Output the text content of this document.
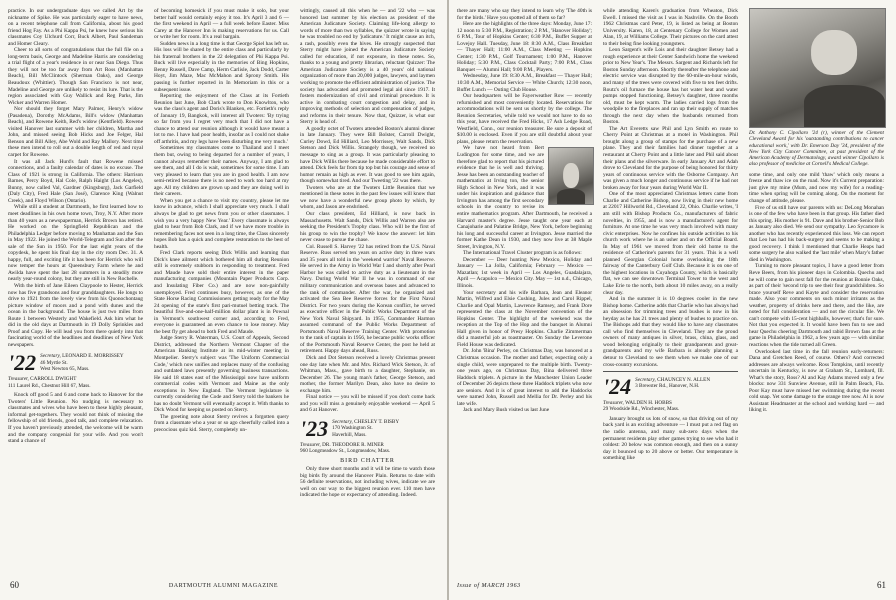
practice. In our undergraduate days we called Art by the nickname of Spike. He was particularly eager to have news, on a recent telephone call from California, about his good friend Hog Fay. As a Phi Kappa Psi, he knew how serious his classmates Coy Ulchurd Corr, Buck Albert, Paul Sandeman and Homer Cleary.

Cheer to all sorts of congratulations that the full file on a long-term basis, George and Madeline Harris are considering a trial flight of a year's residence in or near San Diego. Thus they will not be too far away from Art Ross (Manhattan Beach), Bill McClintock (Sherman Oaks), and George Beaudoux (Whittier). Though San Francisco is not near, Madeline and George are unlikely to resist its lure. That is the region associated with Guy Wallick and Reg Parks, Jim Wicker and Warren Homer.

Nor should they forget Mary Palmer, Henry's widow (Pasadena), Dorothy McAdams, Bill's widow (Manhattan Beach), and Rowene Keith, Red's widow (Kentfield). Rowene visited Hanover last summer with her children, Martha and John, and missed seeing Bob Hicks and Joe Felger, Hal Benson and Bill Alley, Abe Wold and Ray Mallory. Next time these men intend to roll out a double length of red and royal carpet for Rowene.

It was all Jack Hurd's fault that Rowene missed connections, and a faulty calendar of dates is no excuse. The Class of 1921 is strong in California. The others: Harrison Barnes, Percy Boyd, Hal Cole, Ralph Haight (Los Angeles), Bunny, now called Val, Gardner (Kingsburg), Jack Garfield (Daly City), Fred Hale (San José), Clarence King (Walnut Creek), and Floyd Wilson (Ontario).

While still a student at Dartmouth, he first learned how to meet deadlines in his own home town, Troy, N.Y. After more than 40 years as a newspaperman, Herrick Brown has retired. He worked on the Springfield Republican and the Philadelphia Ledger before moving to Manhattan and the Sun in May 1922. He joined the World-Telegram and Sun after the sale of the Sun in 1950. For the last eight years of the copydesk, he spent his final day in the city room Dec. 31. A happy, full, and exciting life it has been for Herrick who will now temper the hours at Queensbury Farm where he and Awilda have spent the last 28 summers in a steadily more nearly year-round colony, but they are still in New Rochelle.

With the birth of Jane Eileen Claypoole to Hester, Herrick now has five grandsons and four granddaughters. He longs to drive to 1921 from the lovely view from his Quonochontaug picture window of moors and a pond with dunes and the ocean in the background. The house is just two miles from Route 1 between Westerly and Wakefield. Ask him what he did in the old days at Dartmouth in 19 Dolly Sprinkles and Proof and Copy. He will lead you from there quietly into that fascinating world of the headlines and deadlines of New York newspapers.

'22 Secretary, LEONARD E. MORRISSEY
46 Myrtle St.
West Newton 65, Mass.
Treasurer, CARROLL DWIGHT
111 Laurel Rd., Chestnut Hill 67, Mass.

Knock off good 5 and 6 and come back to Hanover for the Twoters' Little Reunion. No nudging is necessary to classmates and wives who have been to these highly pleasant, informal get-togethers. They would not think of missing the fellowship of old friends, good talk, and complete relaxation. If you haven't previously attended, the welcome will be warm and the company congenial for your wife. And you won't stand a chance of

of becoming homesick if you must make it solo, but your better half would certainly enjoy it too. It's April 3 and 6 — the first weekend in April — a full week before Easter. Miss Carey at the Hanover Inn is making reservations for us. Call or write her for room. It's a real bargain.

Sudden news in a long time is that George Spiel has left us. His loss will be shared by the entire class and particularly by his fraternal brothers in the 22 delegation of Phi Kappa Psi. Buck will live especially in the memories of Bing Hopkins, Benny Russell, Dave Camp, Herm Carlisle, Jack Dodd, Carter Hoyt, Jim Maze, Mac McMahon and Sprony Smith. His passing is further reported in In Memoriam in this or a subsequent issue.

Reporting the enjoyment of the Class at its Fortieth Reunion last June, Bob Clark wrote to Don Knowlton, who was the class's agent and Doris's Blanken, etc. Fortieth's reply of January 19, Bangkok, will interest all Twoters: 'By trying so far from you I regret very much that I did not have a chance to attend our reunion although it would have meant a lot to me. I have had poor health, insofar as I could not shake off arthritis, and my legs have been disturbing me very much.'

Sometimes my classmates come to Thailand and I meet them but, owing to being departed for a number of years, I cannot always remember their names. Anyway, I am glad to see them, and all I do is wait, sometimes for some time. I am very pleased to learn that you are in good health. I am now semi-retired because there is no need to work too hard at my age. All my children are grown up and they are doing well in their careers.

When you get a chance to visit my country, please let me know in advance, which I shall appreciate very much. I shall always be glad to get news from you or other classmates. I wish you a very happy New Year.' Every classmate is always glad to hear from Bob Clark, and if we have more trouble in remembering faces not seen in a long time, the Class sincerely hopes Bob has a quick and complete restoration to the best of health.

Fred Clark reports seeing Dick Willis and learning that Dick's knee ailment which bothered him all during Reunion still is extremely stubborn in responding to treatment. Fred and Maude have sold their entire interest in the paper manufacturing companies (Mountain Paper Products Corp. and Insulating Fiber Co.) and are now non-gainfully unemployed. Fred continues busy, however, as one of the State Horse Racing Commissioners getting ready for the May 24 opening of the state's first pari-mutuel betting track. The beautiful five-and-one-half-million dollar plant is in Pownal in Vermont's southwest corner and, according to Fred, everyone is guaranteed an even chance to lose money. May the best fly get ahead to both Fred and Maude.

Judge Sterry R. Waterman, U.S. Court of Appeals, Second District, addressed the Northern Vermont Chapter of the American Banking Institute at its mid-winter meeting in Montpelier. Sterry's subject was 'The Uniform Commercial Code,' which now unifies and replaces many of the confusing and outdated laws presently governing business transactions. He said 18 states east of the Mississippi now have uniform commercial codes with Vermont and Maine as the only exceptions in New England. The Vermont legislature is currently considering the Code and Sterry told the bankers he has no doubt Vermont will eventually accept it. With thanks to Dick Wood for keeping us posted on Sterry.

The greeting note about Sterry revives a forgotten query from a classmate who a year or so ago cheerfully called into a precocious quiz kid. Sterry, completely un-

wittingly, caused all this when he — and '22 who — was honored last summer by his election as president of the American Judicature Society. Claiming life-long allergy to words of more than two syllables, the quizzer wrote in saying he was troubled no end by 'judicature.' It might cause an itch, a rash, possibly even the hives. He strongly suspected that Sterry might have joined the American Judicature Society called for education, if not exposure, in these notes. So, thanks to a young and pretty librarian, reluctant Quizzer: The American Judicature Society is a 40 years' old national organization of more than 20,000 judges, lawyers, and laymen working to promote the efficient administration of justice. The society has advocated and promoted legal aid since 1917. It fosters modernization of civil and criminal procedure. It is active in combating court congestion and delay, and in improving methods of selection and compensation of judges, and reforms in their tenure. Now that, Quizzer, is what our Sterry is head of.

A goodly octet of Twoters attended Boston's alumni dinner in late January. They were Bill Bolster, Carroll Dwight, Curley Dowd, Ed Hilliard, Leo Morrissey, Walt Sands, Dick Stetson and Dick Willis. Strangely though, we received no message to sing as a group. It was particularly pleasing to have Dick Willis there because he made considerable effort to attend. Dick feels far from tip top but his courage and sense of humor remain as high as ever. It was good to see him again, though somewhat tired. And our Tweeting '22 was there.

Twoters who are at the Twoters Little Reunion that we mentioned in these notes in the past few issues will know that we now have a wonderful new group photo by which, by whom, and Jason are enshrined.

Our class president, Ed Hilliard, is now back in Massachusetts. Walt Sands, Dick Willis and Warren also are seeking the President's Trophy class. Who will be the first of his group to win the trophy? We know the answer: let him never cease to pursue the chase.

Col. Russell S. Harvey '22 has retired from the U.S. Naval Reserve. Russ served ten years on active duty in three wars and 35 years all told in the 'weekend warrior' Naval Reserve. He served in the Army in World War I and shortly after Pearl Harbor he was called to active duty as a lieutenant in the Navy. During World War II he was in command of our military communication and overseas bases and advanced to the rank of commander. After the war, he organized and activated the Sea Bee Reserve forces for the First Naval District. For two years during the Korean conflict, he served as executive officer in the Public Works Department of the New York Naval Shipyard. In 1955, Commander Harmon assumed command of the Public Works Department of Portsmouth Naval Reserve Training Center. With promotion to the rank of captain in 1956, he became public works officer of the Portsmouth Naval Reserve Center, the post he held at retirement. Happy days ahead, Russ.

Dick and Dot Stetson received a lovely Christmas present one day late when Mr. and Mrs. Richard Wick Stetson, Jr. of Whitman, Mass., gave birth to a daughter, Stephanie, on December 26. The young man's father, George Stetson, and mother, the former Marilyn Dean, also have no desire to exchange him.

Final notice — you will be missed if you don't come back and you will miss a genuinely enjoyable weekend — April 5 and 6 at Hanover.

'23 Secretary, CHESLEY T. BISBY
170 Washington St.
Haverhill, Mass.
Treasurer, DR. THEODORE R. MINER
960 Longmeadow St., Longmeadow, Mass.
BIRD CHATTER

Only three short months and it will be time to watch those big birds fly around the Hanover Plain. Returns to date with 56 definite reservations, not including wives, indicate we are well on our way to the biggest reunion ever. 110 men have indicated the hope or expectancy of attending. Indeed.

60	DARTMOUTH ALUMNI MAGAZINE

there are many who say they intend to learn why 'The 40th is for the birds.' Have you spotted all of them so far?

Here are the highlights of the three days: Monday, June 17: 12 noon to 5:30 P.M., Registration; 2 P.M., 'Hanover Holiday'; 6 P.M., Tour of Hopkins Center; 6:30 P.M., Buffet Supper at Lovejoy Hall. Tuesday, June 18: 8:30 A.M., Class Breakfast — Thayer Hall; 11:00 A.M., Class Meeting — Hopkins Center; 1:30 P.M., Golf Tournament; 1:00 P.M., Hanover Holiday; 5:30 P.M., Class Cocktail Party; 7:00 P.M., Class Banquet — Alumni Hall; 9:00 P.M., Players.

Wednesday, June 19: 8:30 A.M., Breakfast — Thayer Hall; 10:30 A.M., Memorial Service — White Church; 12:30 noon, Buffet Lunch — Outing Club House.

Our headquarters will be Fayerweather Row — recently refurnished and most conveniently located. Reservations for accommodations will be sent us shortly by the college. The Reunion Secretaries, while told we would not have to do so this year, have received the Fred Hicks, 17 Ash Ledge Road, Westfield, Conn., our reunion treasurer. Be sure a deposit of $10.00 is enclosed. Even if you are still doubtful about your plans, please return the reservation.

We have not heard from Bert Ludington for some time, and we are therefore glad to report that his pictured evidence that he is well and thriving. Jesse has been an outstanding teacher of mathematics at Irving ton, the senior High School in New York, and it was under his inspiration and guidance that Irvington has among the first secondary schools in the country to revise its entire mathematics program. After Dartmouth, he received a Harvard master's degree. Jesse taught one year each at Canajoharie and Palatine Bridge, New York, before beginning his long and successful career at Irvington. Jesse married the former Kathe Dean in 1930, and they now live at 38 Maple Street, Irvington, N.Y.

The International Travel Cluster program is as follows:

December — Deer hunting New Mexico, Holiday and January — La Jolla, California; February — Mexico — Mazatlan; 1st week in April — Los Angeles, Guadalajara, April — Acapulco — Mexico City. May — 1st n.d., Chicago, Illinois.

Your secretary and his wife Barbara, Jean and Eleanor Martin, Wilfred and Elsie Cushing, Jules and Carol Rippel, Charlie and Opal Martin, Lawrence Ramsey, and Frank Dore represented the class at the November convention of the Hopkins Center. The highlight of the weekend was the reception at the Top of the Hop and the banquet in Alumni Hall given in honor of Presy Hopkins. Charlie Zimmerman did a masterful job as toastmaster. On Sunday the Leverone Field House was dedicated.

Dr. John 'Bina' Perley, on Christmas Day, was honored at a Christmas occasion. The mother and father, expecting only a single child, were unprepared to the multiple birth. Twenty-one years ago, on Christmas Day, Bina delivered three Haddock triplets. A picture in the Manchester Union Leader of December 26 depicts these three Haddock triplets who now are seniors. And it is of great interest to add the Haddocks were named John, Russell and Mellia for Dr. Perley and his late wife.

Jack and Mary Bush visited us last June

while attending Karen's graduation from Wheaton, Dick Ewell. I missed the visit as I was in Nashville. On the Booth 1962 Christmas card Peter, 19, is listed as being at Boston University. Karen, 18, at Centenary College for Women and Alan, 19, at Williams College. Their pictures on the card attest to their being fine looking youngsters.

Leon Sargent's wife Lois and their daughter Betsey had a rough experience at their Center Sandwich home the weekend prior to New Year's. The Messrs. Sargent and Richards left for Boston Sunday afternoon. Shortly thereafter the telephone and electric service was disrupted by the 60-mile-an-hour winds, and many of the trees were covered with five to ten feet drifts. Routz's oil furnace the house has hot water heat and water pumps stopped functioning. Betsey's daughter, three months old, must be kept warm. The ladies carried logs from the woodpile to the fireplaces and ran up their supply of matches through the next day when the husbands returned from Boston.

The Art Everetts saw Phil and Lyn Smith en route to Cherry Point at Christmas at a motel in Washington. Phil brought along a group of stamps for the purchase of a new plane. They and their families had dinner together at a restaurant at Cherry Point and a little later and Phil said about their plans and the silverware. In early January Art and Adah drove to Cleveland for the purpose of being honored for thirty years of continuous service with the Osborne Company. Art was given a much longer and continuous service if he had not broken away for four years during World War II.

One of the most appreciated Christmas letters came from Charlie and Catherine Bishop, now living in their new home at 22017 Hillworld Rd., Cleveland 22, Ohio. Charlie writes, 'I am still with Bishop Products Co., manufacturers of fabric novelties, in 1955, and is now a manufacturer's agent for furniture. At one time he was very much involved with many civic enterprises. Now he confines his outside activities to his church work where he is an usher and on the Official Board. In May of 1961 we moved from their old home to the residence of Catherine's parents for 31 years. This is a well planned Georgian Colonial home overlooking the 18th fairway of the Canterbury Golf Club. Because it is on one of the highest locations in Cuyahoga County, which is basically flat, we can see downtown Terminal Tower to the west and Lake Erie to the north, both about 10 miles away, on a really clear day.

And in the summer it is 10 degrees cooler in the new Bishop home. Catherine adds that Charlie who has always had an obsession for trimming trees and bushes is now in his heyday as he has 21 trees and plenty of bushes to practice on. The Bishops add that they would like to have any classmates call who find themselves in Cleveland. They are the proud owners of many antiques in silver, brass, china, glass, and wood belonging originally to their grandparents and great-grandparents and my wife Barbara is already planning a detour to Cleveland to see them when we make one of our cross-country excursions.

'24 Secretary, CHAUNCEY N. ALLEN
3 Brewster Rd., Hanover, N.H.
Treasurer, WALDEN H. HOBBS
29 Woodside Rd., Winchester, Mass.

January brought us lots of snow, so that driving out of my back yard is an exciting adventure — I must put a red flag on the radio antenna, and many sub-zero days when the permanent residents play other games trying to see who had it coldest: 20 below was common enough, and then on a sunny day it bounced up to 20 above or better. Our temperature is something like

Dr. Anthony C. Cipollaro '24 (r), winner of the Clement Cleveland Award for his 'outstanding contributions to cancer educational work,' with Dr. Emerson Day '34, president of the New York City Cancer Committee, at past president of the American Academy of Dermatology, award winner Cipollaro is also professor of medicine at Cornell's Medical College.

some time, and only one mild 'thaw' which only means a freeze and thaw ice on the road. Now it's Current preparation: just give my mine (Mum, and now my wife) for a reading-time when spring will be coming along. On the moment for change of attitude, please.

Five of us still have our parents with us: DeLong Monahan is one of the few who have been in that group. His father died this spring. His mother is 91. Dave and his brother-Senior Bob as January also died. We send our sympathy. Leo Sycamore is another who has recently experienced this loss. We can report that Leo has had his back-surgery and seems to be making a good recovery. I think I mentioned that Charlie Heaps had some surgery he also walked the 'last mile' when Mary's father died in Washington.

Turning to more pleasant topics, I have a good letter from Reve Beers, from his pioneer days in Colombia. Quechu and he will come to gain next fall for the reunion at Bonnie Oaks, as part of their 'second trip to see their four grandchildren. So brace yourself Reve and Kayte and consider the reservation made. Also your comments on such minor irritants as the weather, property of drinks here and there, and the like, are noted for full consideration — and not the circular file. We can't compete with 15-cent highballs, however; that's for sure. Not that you expected it. It would have been fun to see and hear Quechu cheering Dartmouth and rabid Brown fans at the game in Philadelphia in 1962, a few years ago — with similar reactions when the tide turned all Green.

Overlooked last time in the fall reunion early-returners: Dana and Gretchen Reed, of course. Others? And corrected addresses are always welcome. Ross Tompkins, until recently uncertain in Kentucky, is now at Graham St., Lombard, Ill. What's the story, Ross? Al and Kay Adams moved only a few blocks: now 331 Sunview Avenue, still in Palm Beach, Fla. Poor Kay must have missed her swimming during the recent cold snap. Yet some damage to the orange tree now. Al is now Assistant Headmaster at the school and working hard — and liking it.

Issue of MARCH 1963	61
